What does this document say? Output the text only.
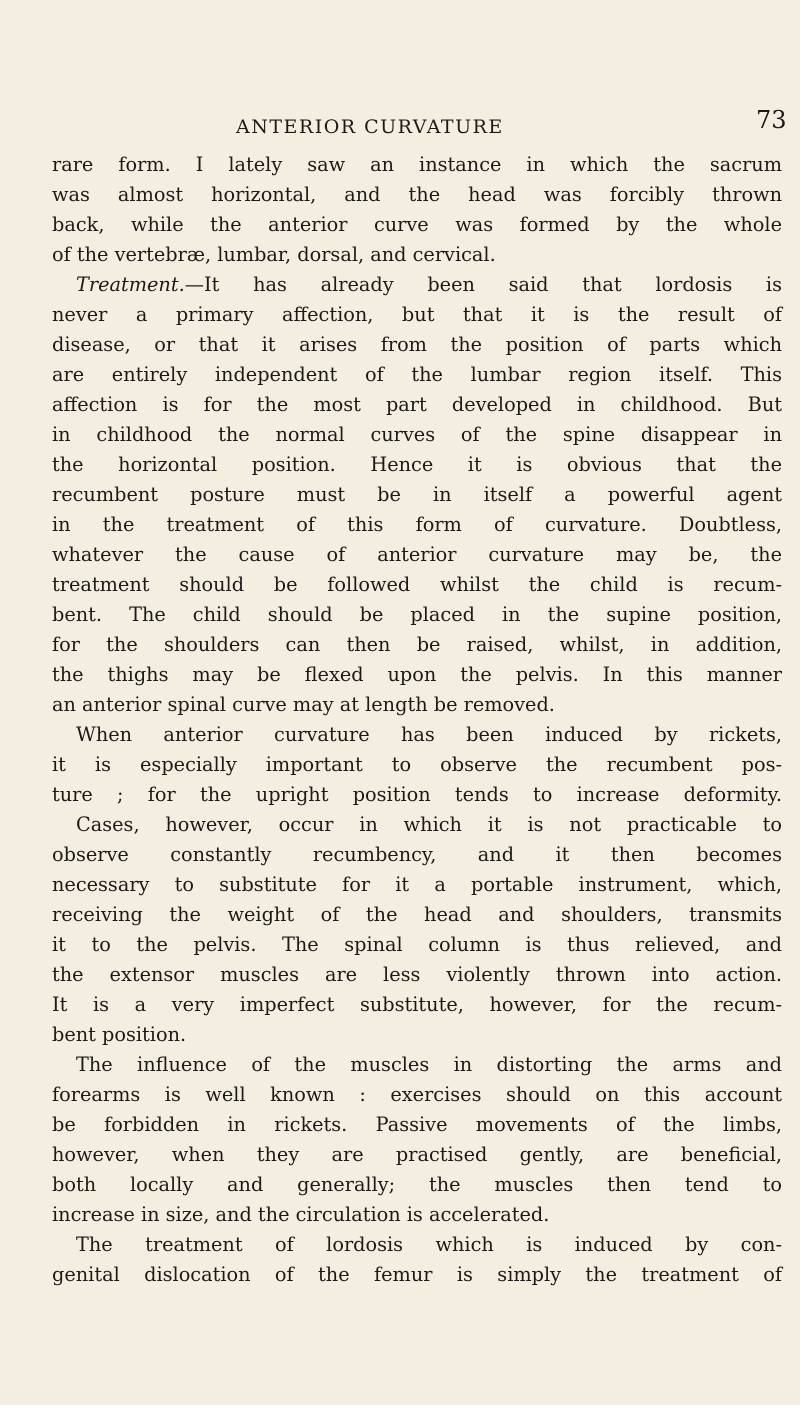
ANTERIOR CURVATURE	73
rare form. I lately saw an instance in which the sacrum
was almost horizontal, and the head was forcibly thrown
back, while the anterior curve was formed by the whole
of the vertebræ, lumbar, dorsal, and cervical.
Treatment.—It has already been said that lordosis is
never a primary affection, but that it is the result of
disease, or that it arises from the position of parts which
are entirely independent of the lumbar region itself. This
affection is for the most part developed in childhood. But
in childhood the normal curves of the spine disappear in
the horizontal position. Hence it is obvious that the
recumbent posture must be in itself a powerful agent
in the treatment of this form of curvature. Doubtless,
whatever the cause of anterior curvature may be, the
treatment should be followed whilst the child is recum-
bent. The child should be placed in the supine position,
for the shoulders can then be raised, whilst, in addition,
the thighs may be flexed upon the pelvis. In this manner
an anterior spinal curve may at length be removed.
When anterior curvature has been induced by rickets,
it is especially important to observe the recumbent pos-
ture ; for the upright position tends to increase deformity.
Cases, however, occur in which it is not practicable to
observe constantly recumbency, and it then becomes
necessary to substitute for it a portable instrument, which,
receiving the weight of the head and shoulders, transmits
it to the pelvis. The spinal column is thus relieved, and
the extensor muscles are less violently thrown into action.
It is a very imperfect substitute, however, for the recum-
bent position.
The influence of the muscles in distorting the arms and
forearms is well known : exercises should on this account
be forbidden in rickets. Passive movements of the limbs,
however, when they are practised gently, are beneficial,
both locally and generally; the muscles then tend to
increase in size, and the circulation is accelerated.
The treatment of lordosis which is induced by con-
genital dislocation of the femur is simply the treatment of
